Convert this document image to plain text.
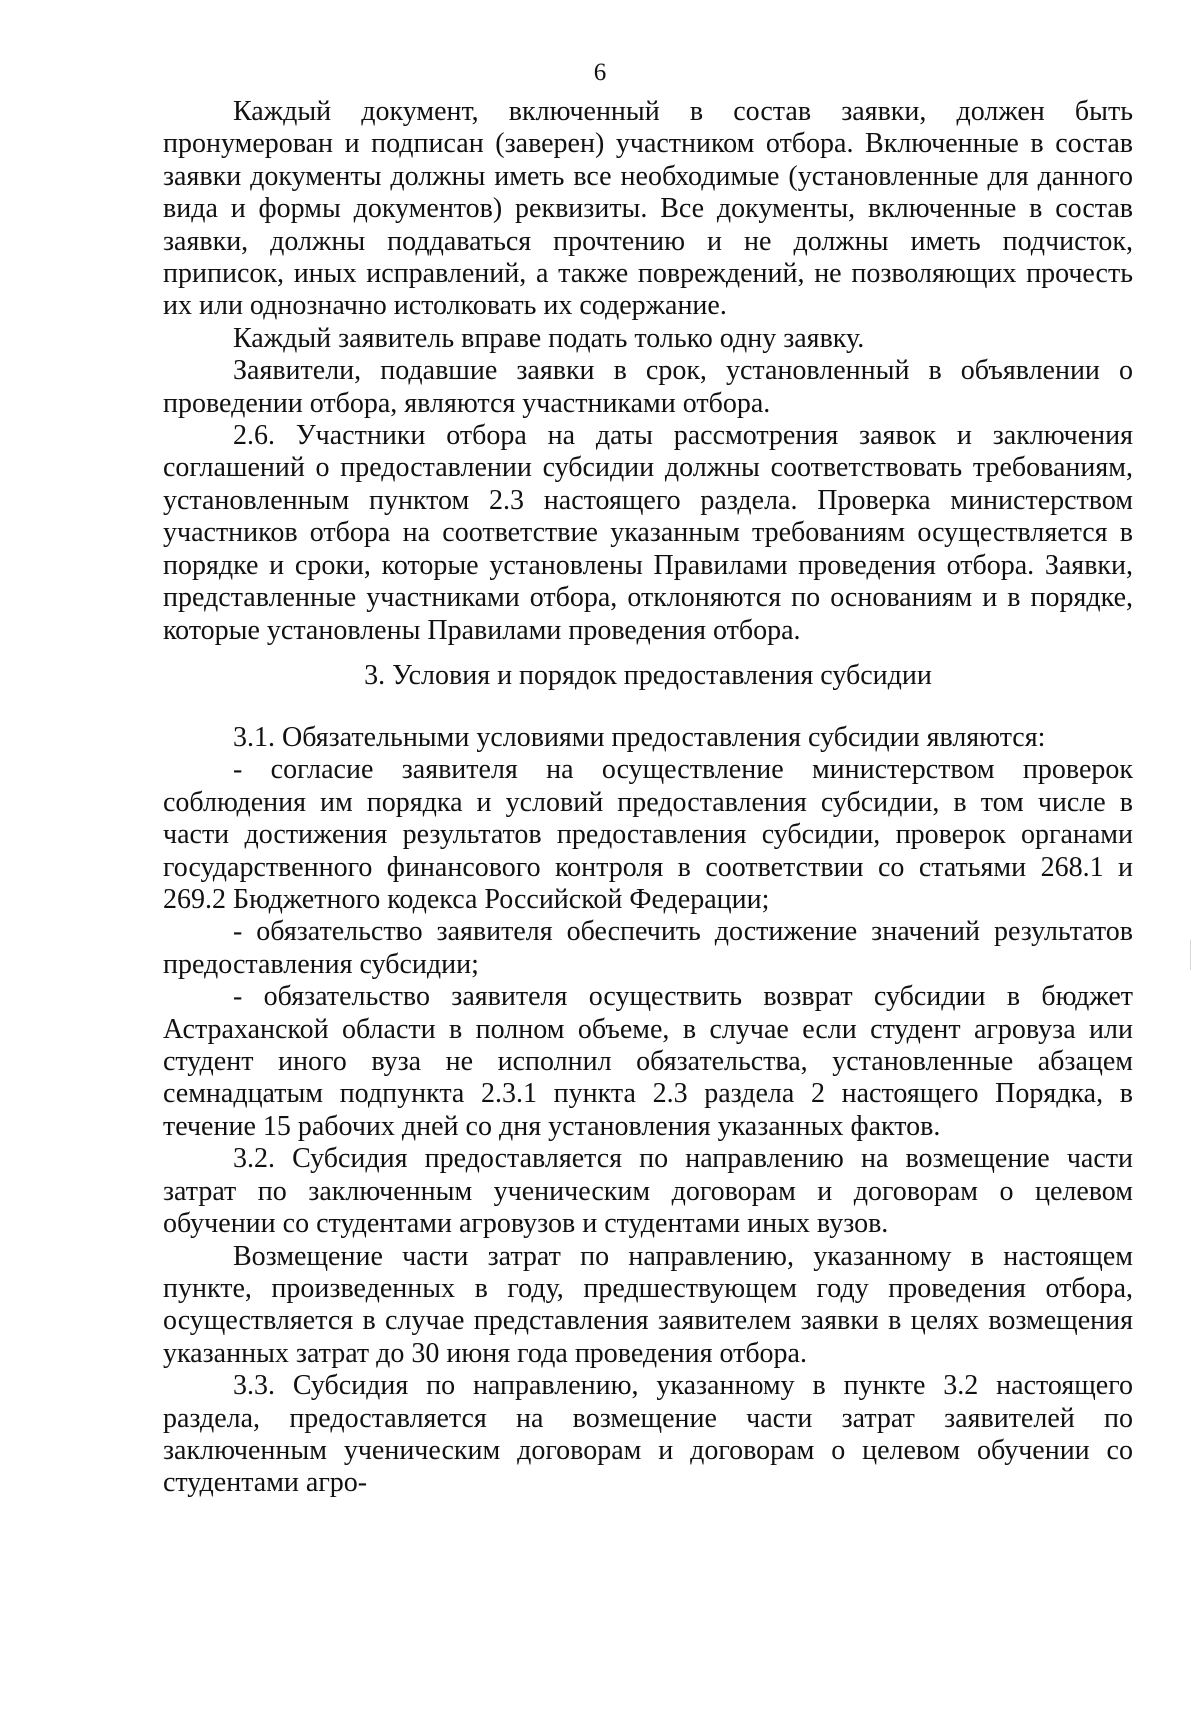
6

Каждый документ, включенный в состав заявки, должен быть пронумерован и подписан (заверен) участником отбора. Включенные в состав заявки документы должны иметь все необходимые (установленные для данного вида и формы документов) реквизиты. Все документы, включенные в состав заявки, должны поддаваться прочтению и не должны иметь подчисток, приписок, иных исправлений, а также повреждений, не позволяющих прочесть их или однозначно истолковать их содержание.

Каждый заявитель вправе подать только одну заявку.

Заявители, подавшие заявки в срок, установленный в объявлении о проведении отбора, являются участниками отбора.

2.6. Участники отбора на даты рассмотрения заявок и заключения соглашений о предоставлении субсидии должны соответствовать требованиям, установленным пунктом 2.3 настоящего раздела. Проверка министерством участников отбора на соответствие указанным требованиям осуществляется в порядке и сроки, которые установлены Правилами проведения отбора. Заявки, представленные участниками отбора, отклоняются по основаниям и в порядке, которые установлены Правилами проведения отбора.

3. Условия и порядок предоставления субсидии

3.1. Обязательными условиями предоставления субсидии являются:

- согласие заявителя на осуществление министерством проверок соблюдения им порядка и условий предоставления субсидии, в том числе в части достижения результатов предоставления субсидии, проверок органами государственного финансового контроля в соответствии со статьями 268.1 и 269.2 Бюджетного кодекса Российской Федерации;

- обязательство заявителя обеспечить достижение значений результатов предоставления субсидии;

- обязательство заявителя осуществить возврат субсидии в бюджет Астраханской области в полном объеме, в случае если студент агровуза или студент иного вуза не исполнил обязательства, установленные абзацем семнадцатым подпункта 2.3.1 пункта 2.3 раздела 2 настоящего Порядка, в течение 15 рабочих дней со дня установления указанных фактов.

3.2. Субсидия предоставляется по направлению на возмещение части затрат по заключенным ученическим договорам и договорам о целевом обучении со студентами агровузов и студентами иных вузов.

Возмещение части затрат по направлению, указанному в настоящем пункте, произведенных в году, предшествующем году проведения отбора, осуществляется в случае представления заявителем заявки в целях возмещения указанных затрат до 30 июня года проведения отбора.

3.3. Субсидия по направлению, указанному в пункте 3.2 настоящего раздела, предоставляется на возмещение части затрат заявителей по заключенным ученическим договорам и договорам о целевом обучении со студентами агро-
